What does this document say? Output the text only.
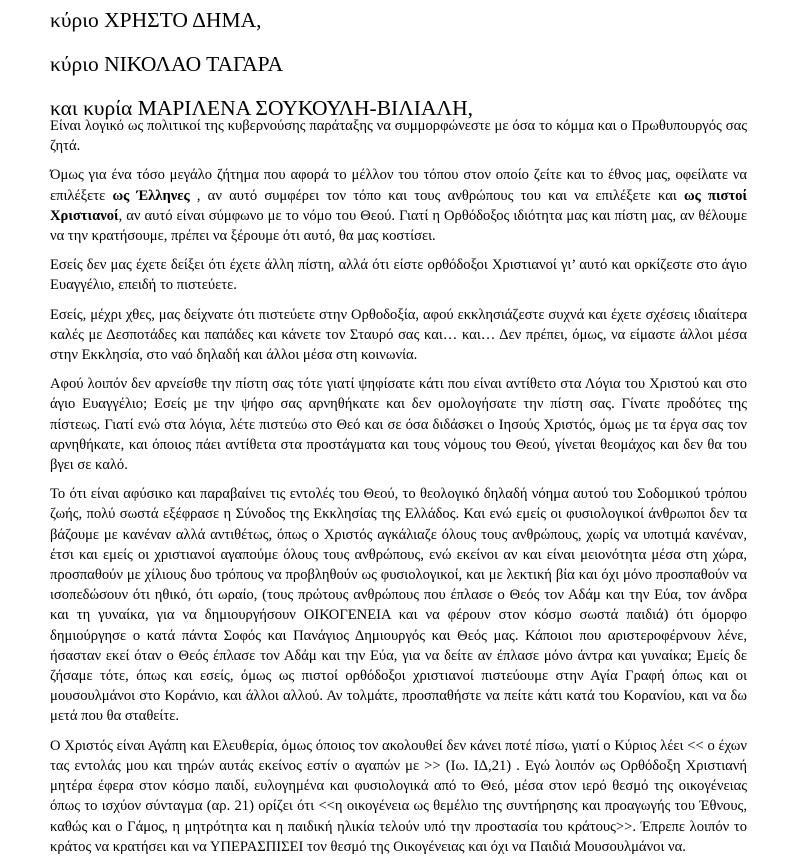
κύριο ΧΡΗΣΤΟ ΔΗΜΑ,
κύριο ΝΙΚΟΛΑΟ ΤΑΓΑΡΑ
και κυρία ΜΑΡΙΛΕΝΑ ΣΟΥΚΟΥΛΗ-ΒΙΛΙΑΛΗ,

Είναι λογικό ως πολιτικοί της κυβερνούσης παράταξης να συμμορφώνεστε με όσα το κόμμα και ο Πρωθυπουργός σας ζητά.

Όμως για ένα τόσο μεγάλο ζήτημα που αφορά το μέλλον του τόπου στον οποίο ζείτε και το έθνος μας, οφείλατε να επιλέξετε ως Έλληνες , αν αυτό συμφέρει τον τόπο και τους ανθρώπους του και να επιλέξετε και ως πιστοί Χριστιανοί, αν αυτό είναι σύμφωνο με το νόμο του Θεού. Γιατί η Ορθόδοξος ιδιότητα μας και πίστη μας, αν θέλουμε να την κρατήσουμε, πρέπει να ξέρουμε ότι αυτό, θα μας κοστίσει.

Εσείς δεν μας έχετε δείξει ότι έχετε άλλη πίστη, αλλά ότι είστε ορθόδοξοι Χριστιανοί γι’ αυτό και ορκίζεστε στο άγιο Ευαγγέλιο, επειδή το πιστεύετε.

Εσείς, μέχρι χθες, μας δείχνατε ότι πιστεύετε στην Ορθοδοξία, αφού εκκλησιάζεστε συχνά και έχετε σχέσεις ιδιαίτερα καλές με Δεσποτάδες και παπάδες και κάνετε τον Σταυρό σας και… και… Δεν πρέπει, όμως, να είμαστε άλλοι μέσα στην Εκκλησία, στο ναό δηλαδή και άλλοι μέσα στη κοινωνία.

Αφού λοιπόν δεν αρνείσθε την πίστη σας τότε γιατί ψηφίσατε κάτι που είναι αντίθετο στα Λόγια του Χριστού και στο άγιο Ευαγγέλιο; Εσείς με την ψήφο σας αρνηθήκατε και δεν ομολογήσατε την πίστη σας. Γίνατε προδότες της πίστεως. Γιατί ενώ στα λόγια, λέτε πιστεύω στο Θεό και σε όσα διδάσκει ο Ιησούς Χριστός, όμως με τα έργα σας τον αρνηθήκατε, και όποιος πάει αντίθετα στα προστάγματα και τους νόμους του Θεού, γίνεται θεομάχος και δεν θα του βγει σε καλό.

Το ότι είναι αφύσικο και παραβαίνει τις εντολές του Θεού, το θεολογικό δηλαδή νόημα αυτού του Σοδομικού τρόπου ζωής, πολύ σωστά εξέφρασε η Σύνοδος της Εκκλησίας της Ελλάδος. Και ενώ εμείς οι φυσιολογικοί άνθρωποι δεν τα βάζουμε με κανέναν αλλά αντιθέτως, όπως ο Χριστός αγκάλιαζε όλους τους ανθρώπους, χωρίς να υποτιμά κανέναν, έτσι και εμείς οι χριστιανοί αγαπούμε όλους τους ανθρώπους, ενώ εκείνοι αν και είναι μειονότητα μέσα στη χώρα, προσπαθούν με χίλιους δυο τρόπους να προβληθούν ως φυσιολογικοί, και με λεκτική βία και όχι μόνο προσπαθούν να ισοπεδώσουν ότι ηθικό, ότι ωραίο, (τους πρώτους ανθρώπους που έπλασε ο Θεός τον Αδάμ και την Εύα, τον άνδρα και τη γυναίκα, για να δημιουργήσουν ΟΙΚΟΓΕΝΕΙΑ και να φέρουν στον κόσμο σωστά παιδιά) ότι όμορφο δημιούργησε ο κατά πάντα Σοφός και Πανάγιος Δημιουργός και Θεός μας. Κάποιοι που αριστεροφέρνουν λένε, ήσασταν εκεί όταν ο Θεός έπλασε τον Αδάμ και την Εύα, για να δείτε αν έπλασε μόνο άντρα και γυναίκα; Εμείς δε ζήσαμε τότε, όπως και εσείς, όμως ως πιστοί ορθόδοξοι χριστιανοί πιστεύουμε στην Αγία Γραφή όπως και οι μουσουλμάνοι στο Κοράνιο, και άλλοι αλλού. Αν τολμάτε, προσπαθήστε να πείτε κάτι κατά του Κορανίου, και να δω μετά που θα σταθείτε.

Ο Χριστός είναι Αγάπη και Ελευθερία, όμως όποιος τον ακολουθεί δεν κάνει ποτέ πίσω, γιατί ο Κύριος λέει << ο έχων τας εντολάς μου και τηρών αυτάς εκείνος εστίν ο αγαπών με >> (Ιω. ΙΔ,21) . Εγώ λοιπόν ως Ορθόδοξη Χριστιανή μητέρα έφερα στον κόσμο παιδί, ευλογημένα και φυσιολογικά από το Θεό, μέσα στον ιερό θεσμό της οικογένειας όπως το ισχύον σύνταγμα (αρ. 21) ορίζει ότι <<η οικογένεια ως θεμέλιο της συντήρησης και προαγωγής του Έθνους, καθώς και ο Γάμος, η μητρότητα και η παιδική ηλικία τελούν υπό την προστασία του κράτους>>. Έπρεπε λοιπόν το κράτος να κρατήσει και να ΥΠΕΡΑΣΠΙΣΕΙ τον θεσμό της Οικογένειας και όχι να Παιδιά Μουσουλμάνοι να.
